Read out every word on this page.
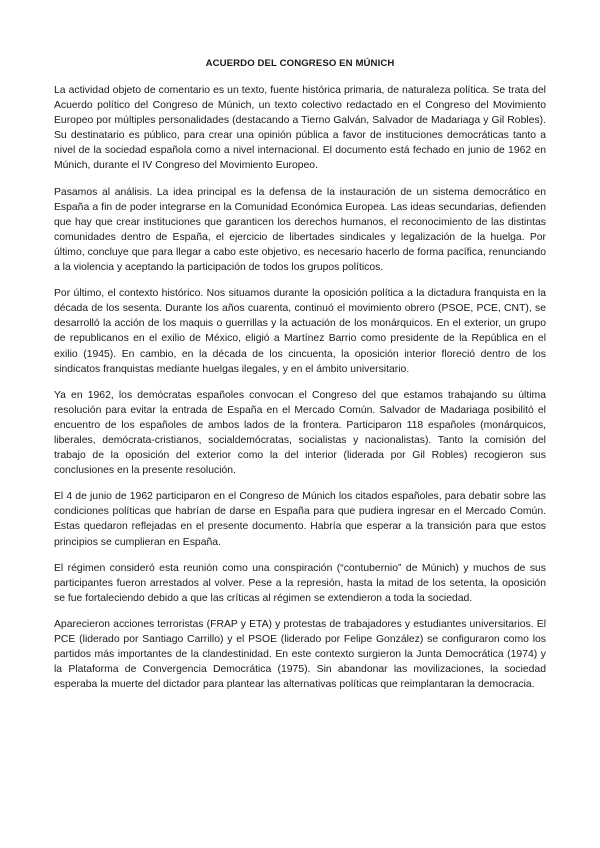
ACUERDO DEL CONGRESO EN MÚNICH

La actividad objeto de comentario es un texto, fuente histórica primaria, de naturaleza política. Se trata del Acuerdo político del Congreso de Múnich, un texto colectivo redactado en el Congreso del Movimiento Europeo por múltiples personalidades (destacando a Tierno Galván, Salvador de Madariaga y Gil Robles). Su destinatario es público, para crear una opinión pública a favor de instituciones democráticas tanto a nivel de la sociedad española como a nivel internacional. El documento está fechado en junio de 1962 en Múnich, durante el IV Congreso del Movimiento Europeo.

Pasamos al análisis. La idea principal es la defensa de la instauración de un sistema democrático en España a fin de poder integrarse en la Comunidad Económica Europea. Las ideas secundarias, defienden que hay que crear instituciones que garanticen los derechos humanos, el reconocimiento de las distintas comunidades dentro de España, el ejercicio de libertades sindicales y legalización de la huelga. Por último, concluye que para llegar a cabo este objetivo, es necesario hacerlo de forma pacífica, renunciando a la violencia y aceptando la participación de todos los grupos políticos.

Por último, el contexto histórico. Nos situamos durante la oposición política a la dictadura franquista en la década de los sesenta. Durante los años cuarenta, continuó el movimiento obrero (PSOE, PCE, CNT), se desarrolló la acción de los maquis o guerrillas y la actuación de los monárquicos. En el exterior, un grupo de republicanos en el exilio de México, eligió a Martínez Barrio como presidente de la República en el exilio (1945). En cambio, en la década de los cincuenta, la oposición interior floreció dentro de los sindicatos franquistas mediante huelgas ilegales, y en el ámbito universitario.

Ya en 1962, los demócratas españoles convocan el Congreso del que estamos trabajando su última resolución para evitar la entrada de España en el Mercado Común. Salvador de Madariaga posibilitó el encuentro de los españoles de ambos lados de la frontera. Participaron 118 españoles (monárquicos, liberales, demócrata-cristianos, socialdemócratas, socialistas y nacionalistas). Tanto la comisión del trabajo de la oposición del exterior como la del interior (liderada por Gil Robles) recogieron sus conclusiones en la presente resolución.

El 4 de junio de 1962 participaron en el Congreso de Múnich los citados españoles, para debatir sobre las condiciones políticas que habrían de darse en España para que pudiera ingresar en el Mercado Común. Estas quedaron reflejadas en el presente documento. Habría que esperar a la transición para que estos principios se cumplieran en España.

El régimen consideró esta reunión como una conspiración (“contubernio” de Múnich) y muchos de sus participantes fueron arrestados al volver. Pese a la represión, hasta la mitad de los setenta, la oposición se fue fortaleciendo debido a que las críticas al régimen se extendieron a toda la sociedad.

Aparecieron acciones terroristas (FRAP y ETA) y protestas de trabajadores y estudiantes universitarios. El PCE (liderado por Santiago Carrillo) y el PSOE (liderado por Felipe González) se configuraron como los partidos más importantes de la clandestinidad. En este contexto surgieron la Junta Democrática (1974) y la Plataforma de Convergencia Democrática (1975). Sin abandonar las movilizaciones, la sociedad esperaba la muerte del dictador para plantear las alternativas políticas que reimplantaran la democracia.
